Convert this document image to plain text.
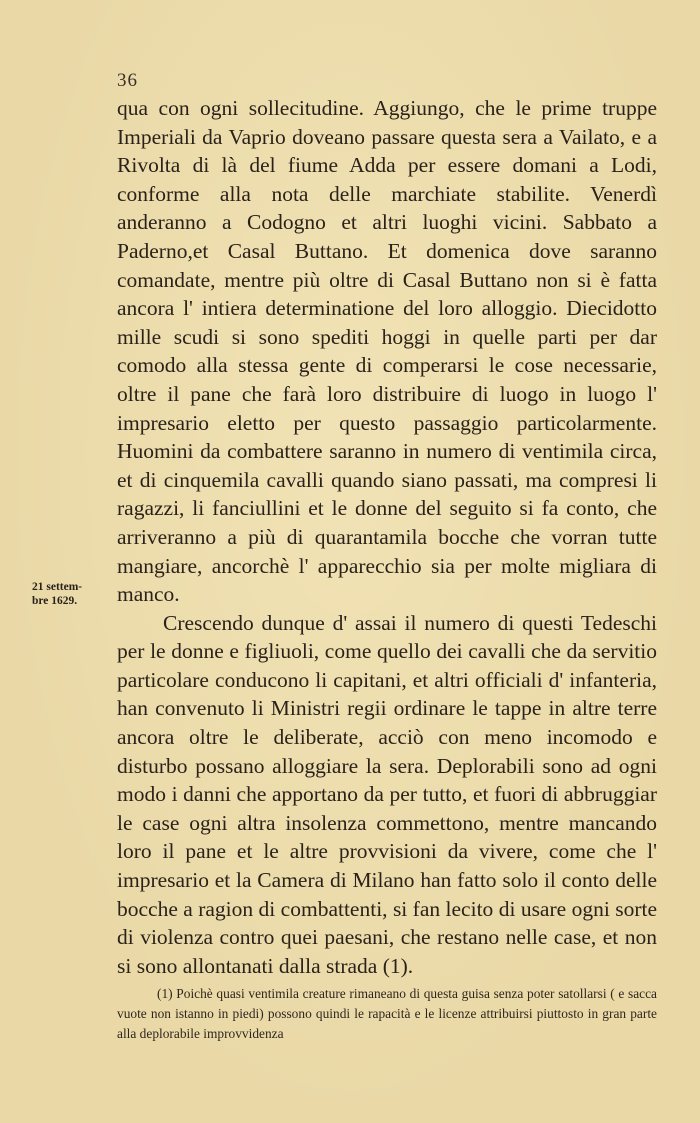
36
21 settem-
bre 1629.

qua con ogni sollecitudine. Aggiungo, che le prime truppe Imperiali da Vaprio doveano passare questa sera a Vailato, e a Rivolta di là del fiume Adda per essere domani a Lodi, conforme alla nota delle marchiate stabilite. Venerdì anderanno a Codogno et altri luoghi vicini. Sabbato a Paderno,et Casal Buttano. Et domenica dove saranno comandate, mentre più oltre di Casal Buttano non si è fatta ancora l' intiera determinatione del loro alloggio. Diecidotto mille scudi si sono spediti hoggi in quelle parti per dar comodo alla stessa gente di comperarsi le cose necessarie, oltre il pane che farà loro distribuire di luogo in luogo l' impresario eletto per questo passaggio particolarmente. Huomini da combattere saranno in numero di ventimila circa, et di cinquemila cavalli quando siano passati, ma compresi li ragazzi, li fanciullini et le donne del seguito si fa conto, che arriveranno a più di quarantamila bocche che vorran tutte mangiare, ancorchè l' apparecchio sia per molte migliara di manco.

Crescendo dunque d' assai il numero di questi Tedeschi per le donne e figliuoli, come quello dei cavalli che da servitio particolare conducono li capitani, et altri officiali d' infanteria, han convenuto li Ministri regii ordinare le tappe in altre terre ancora oltre le deliberate, acciò con meno incomodo e disturbo possano alloggiare la sera. Deplorabili sono ad ogni modo i danni che apportano da per tutto, et fuori di abbruggiar le case ogni altra insolenza commettono, mentre mancando loro il pane et le altre provvisioni da vivere, come che l' impresario et la Camera di Milano han fatto solo il conto delle bocche a ragion di combattenti, si fan lecito di usare ogni sorte di violenza contro quei paesani, che restano nelle case, et non si sono allontanati dalla strada (1).

(1) Poichè quasi ventimila creature rimaneano di questa guisa senza poter satollarsi ( e sacca vuote non istanno in piedi) possono quindi le rapacità e le licenze attribuirsi piuttosto in gran parte alla deplorabile improvvidenza
